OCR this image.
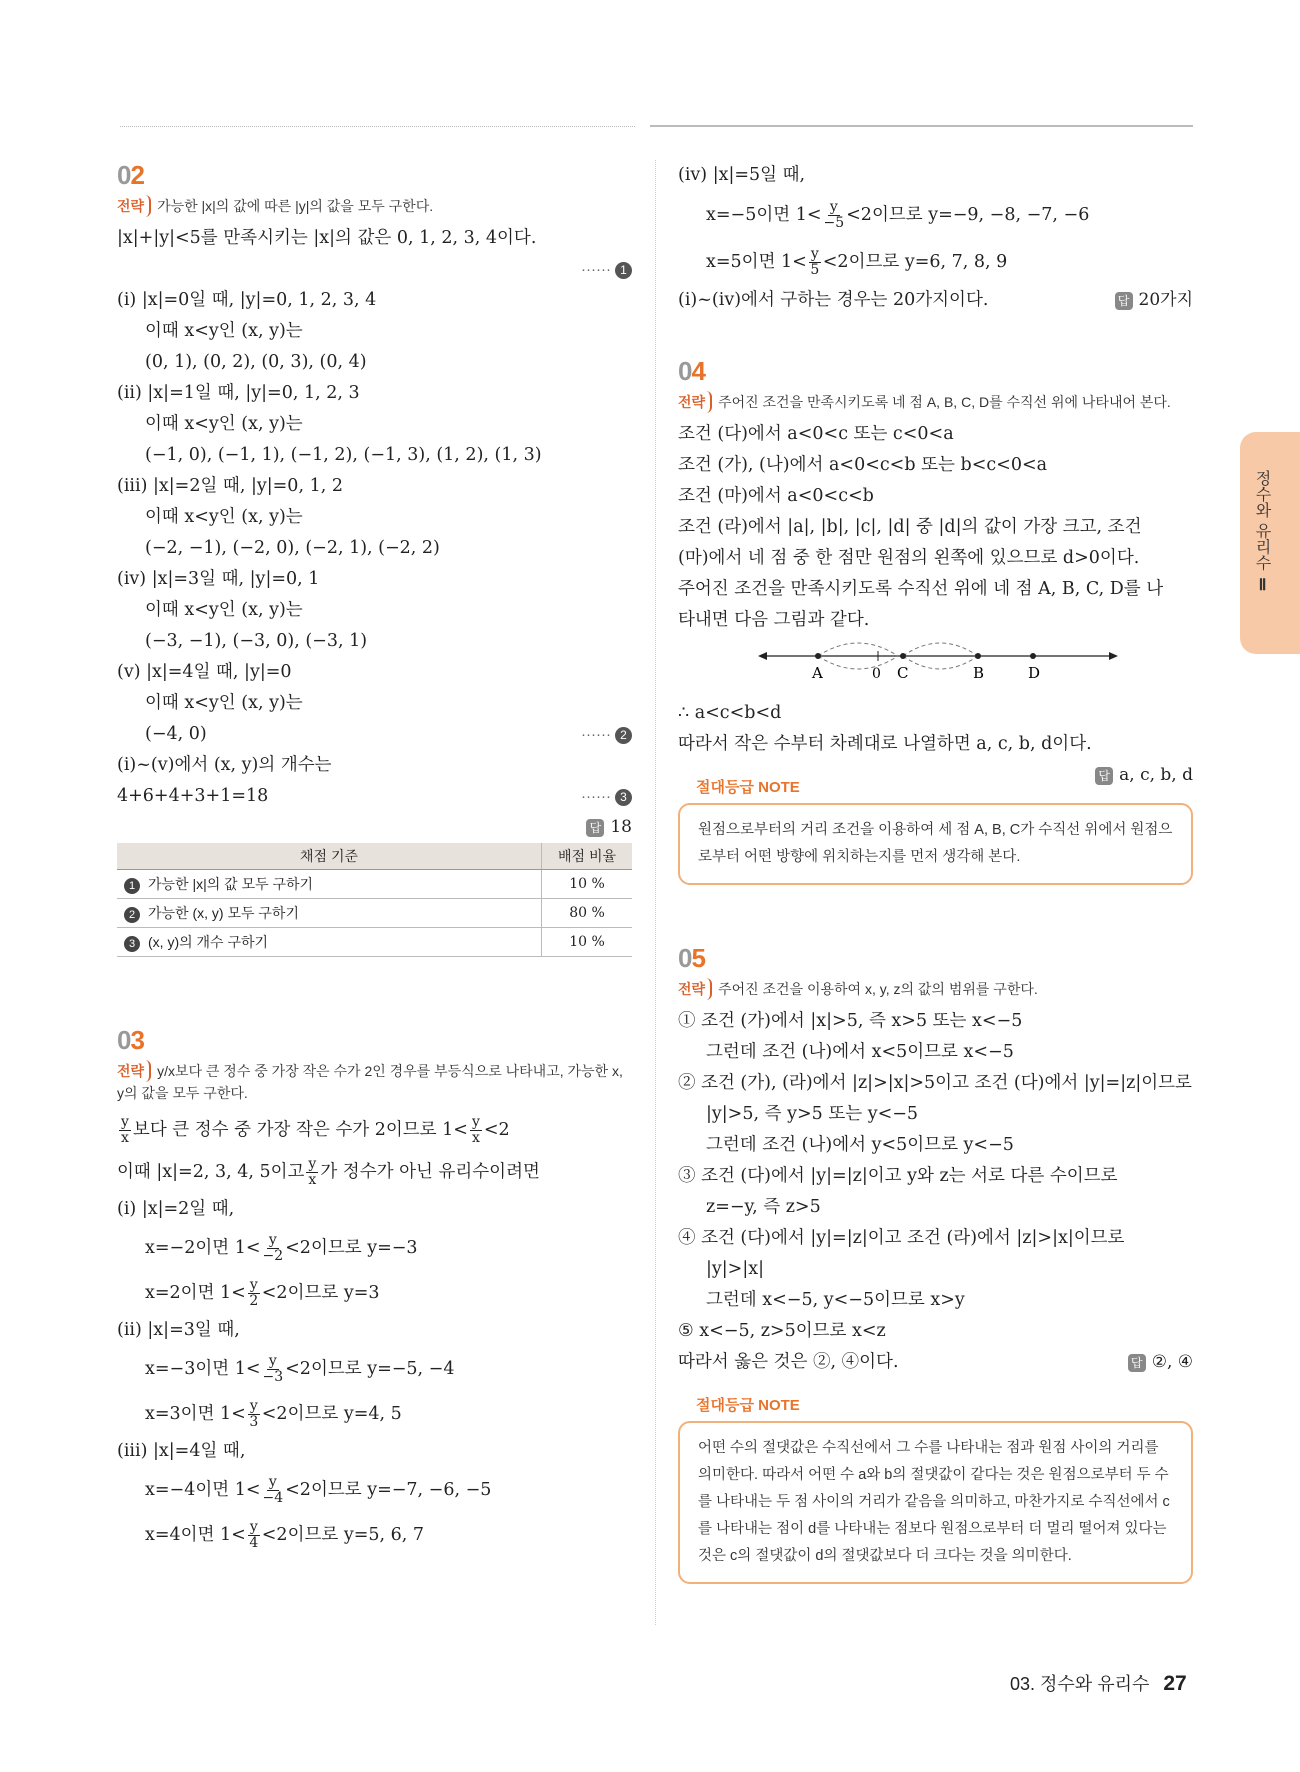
정수와 유리수 Ⅱ
02
전략 가능한 |x|의 값에 따른 |y|의 값을 모두 구한다.
|x|+|y|<5를 만족시키는 |x|의 값은 0, 1, 2, 3, 4이다.
······ 1
(i) |x|=0일 때, |y|=0, 1, 2, 3, 4
이때 x<y인 (x, y)는
(0, 1), (0, 2), (0, 3), (0, 4)
(ii) |x|=1일 때, |y|=0, 1, 2, 3
이때 x<y인 (x, y)는
(−1, 0), (−1, 1), (−1, 2), (−1, 3), (1, 2), (1, 3)
(iii) |x|=2일 때, |y|=0, 1, 2
이때 x<y인 (x, y)는
(−2, −1), (−2, 0), (−2, 1), (−2, 2)
(iv) |x|=3일 때, |y|=0, 1
이때 x<y인 (x, y)는
(−3, −1), (−3, 0), (−3, 1)
(v) |x|=4일 때, |y|=0
이때 x<y인 (x, y)는
(−4, 0)	······ 2
(i)~(v)에서 (x, y)의 개수는
4+6+4+3+1=18	······ 3
답 18
채점 기준	배점 비율
1 가능한 |x|의 값 모두 구하기	10 %
2 가능한 (x, y) 모두 구하기	80 %
3 (x, y)의 개수 구하기	10 %
03
전략 y/x보다 큰 정수 중 가장 작은 수가 2인 경우를 부등식으로 나타내고, 가능한 x, y의 값을 모두 구한다.
$\frac{y}{x}$ 보다 큰 정수 중 가장 작은 수가 2이므로 $1< \frac{y}{x} <2$
이때 |x|=2, 3, 4, 5이고 $\frac{y}{x}$ 가 정수가 아닌 유리수이려면
(i) |x|=2일 때,
x=−2이면 $1< \frac{y}{-2} <2$이므로 y=−3
x=2이면 $1< \frac{y}{2} <2$이므로 y=3
(ii) |x|=3일 때,
x=−3이면 $1< \frac{y}{-3} <2$이므로 y=−5, −4
x=3이면 $1< \frac{y}{3} <2$이므로 y=4, 5
(iii) |x|=4일 때,
x=−4이면 $1< \frac{y}{-4} <2$이므로 y=−7, −6, −5
x=4이면 $1< \frac{y}{4} <2$이므로 y=5, 6, 7
(iv) |x|=5일 때,
x=−5이면 $1< \frac{y}{-5} <2$이므로 y=−9, −8, −7, −6
x=5이면 $1< \frac{y}{5} <2$이므로 y=6, 7, 8, 9
(i)~(iv)에서 구하는 경우는 20가지이다.	답 20가지
04
전략 주어진 조건을 만족시키도록 네 점 A, B, C, D를 수직선 위에 나타내어 본다.
조건 (다)에서 a<0<c 또는 c<0<a
조건 (가), (나)에서 a<0<c<b 또는 b<c<0<a
조건 (마)에서 a<0<c<b
조건 (라)에서 |a|, |b|, |c|, |d| 중 |d|의 값이 가장 크고, 조건
(마)에서 네 점 중 한 점만 원점의 왼쪽에 있으므로 d>0이다.
주어진 조건을 만족시키도록 수직선 위에 네 점 A, B, C, D를 나
타내면 다음 그림과 같다.
A	0 C	B	D
∴ a<c<b<d
따라서 작은 수부터 차례대로 나열하면 a, c, b, d이다.
답 a, c, b, d
절대등급 NOTE
원점으로부터의 거리 조건을 이용하여 세 점 A, B, C가 수직선 위에서 원점으로부터 어떤 방향에 위치하는지를 먼저 생각해 본다.
05
전략 주어진 조건을 이용하여 x, y, z의 값의 범위를 구한다.
① 조건 (가)에서 |x|>5, 즉 x>5 또는 x<−5
그런데 조건 (나)에서 x<5이므로 x<−5
② 조건 (가), (라)에서 |z|>|x|>5이고 조건 (다)에서 |y|=|z|이므로
|y|>5, 즉 y>5 또는 y<−5
그런데 조건 (나)에서 y<5이므로 y<−5
③ 조건 (다)에서 |y|=|z|이고 y와 z는 서로 다른 수이므로
z=−y, 즉 z>5
④ 조건 (다)에서 |y|=|z|이고 조건 (라)에서 |z|>|x|이므로
|y|>|x|
그런데 x<−5, y<−5이므로 x>y
⑤ x<−5, z>5이므로 x<z
따라서 옳은 것은 ②, ④이다.	답 ②, ④
절대등급 NOTE
어떤 수의 절댓값은 수직선에서 그 수를 나타내는 점과 원점 사이의 거리를 의미한다. 따라서 어떤 수 a와 b의 절댓값이 같다는 것은 원점으로부터 두 수를 나타내는 두 점 사이의 거리가 같음을 의미하고, 마찬가지로 수직선에서 c를 나타내는 점이 d를 나타내는 점보다 원점으로부터 더 멀리 떨어져 있다는 것은 c의 절댓값이 d의 절댓값보다 더 크다는 것을 의미한다.
03. 정수와 유리수 27
